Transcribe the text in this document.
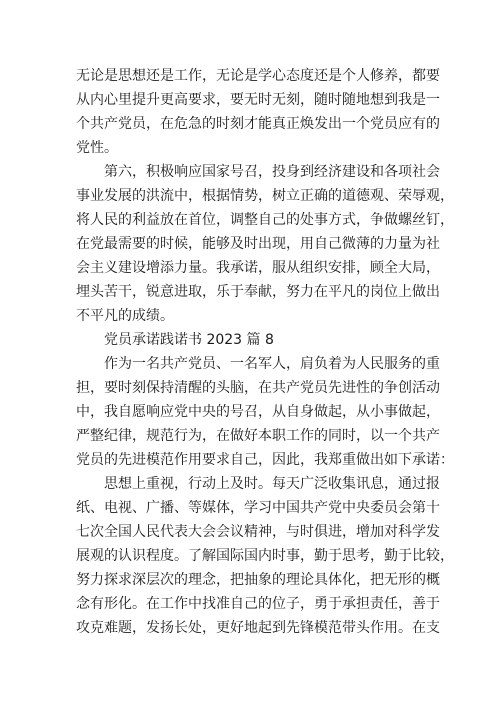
无论是思想还是工作，无论是学心态度还是个人修养，都要
从内心里提升更高要求，要无时无刻，随时随地想到我是一
个共产党员，在危急的时刻才能真正焕发出一个党员应有的
党性。
第六，积极响应国家号召，投身到经济建设和各项社会
事业发展的洪流中，根据情势，树立正确的道德观、荣辱观，
将人民的利益放在首位，调整自己的处事方式，争做螺丝钉，
在党最需要的时候，能够及时出现，用自己微薄的力量为社
会主义建设增添力量。我承诺，服从组织安排，顾全大局，
埋头苦干，锐意进取，乐于奉献，努力在平凡的岗位上做出
不平凡的成绩。
党员承诺践诺书 2023 篇 8
作为一名共产党员、一名军人，肩负着为人民服务的重
担，要时刻保持清醒的头脑，在共产党员先进性的争创活动
中，我自愿响应党中央的号召，从自身做起，从小事做起，
严整纪律，规范行为，在做好本职工作的同时，以一个共产
党员的先进模范作用要求自己，因此，我郑重做出如下承诺：
思想上重视，行动上及时。每天广泛收集讯息，通过报
纸、电视、广播、等媒体，学习中国共产党中央委员会第十
七次全国人民代表大会会议精神，与时俱进，增加对科学发
展观的认识程度。了解国际国内时事，勤于思考，勤于比较，
努力探求深层次的理念，把抽象的理论具体化，把无形的概
念有形化。在工作中找准自己的位子，勇于承担责任，善于
攻克难题，发扬长处，更好地起到先锋模范带头作用。在支
